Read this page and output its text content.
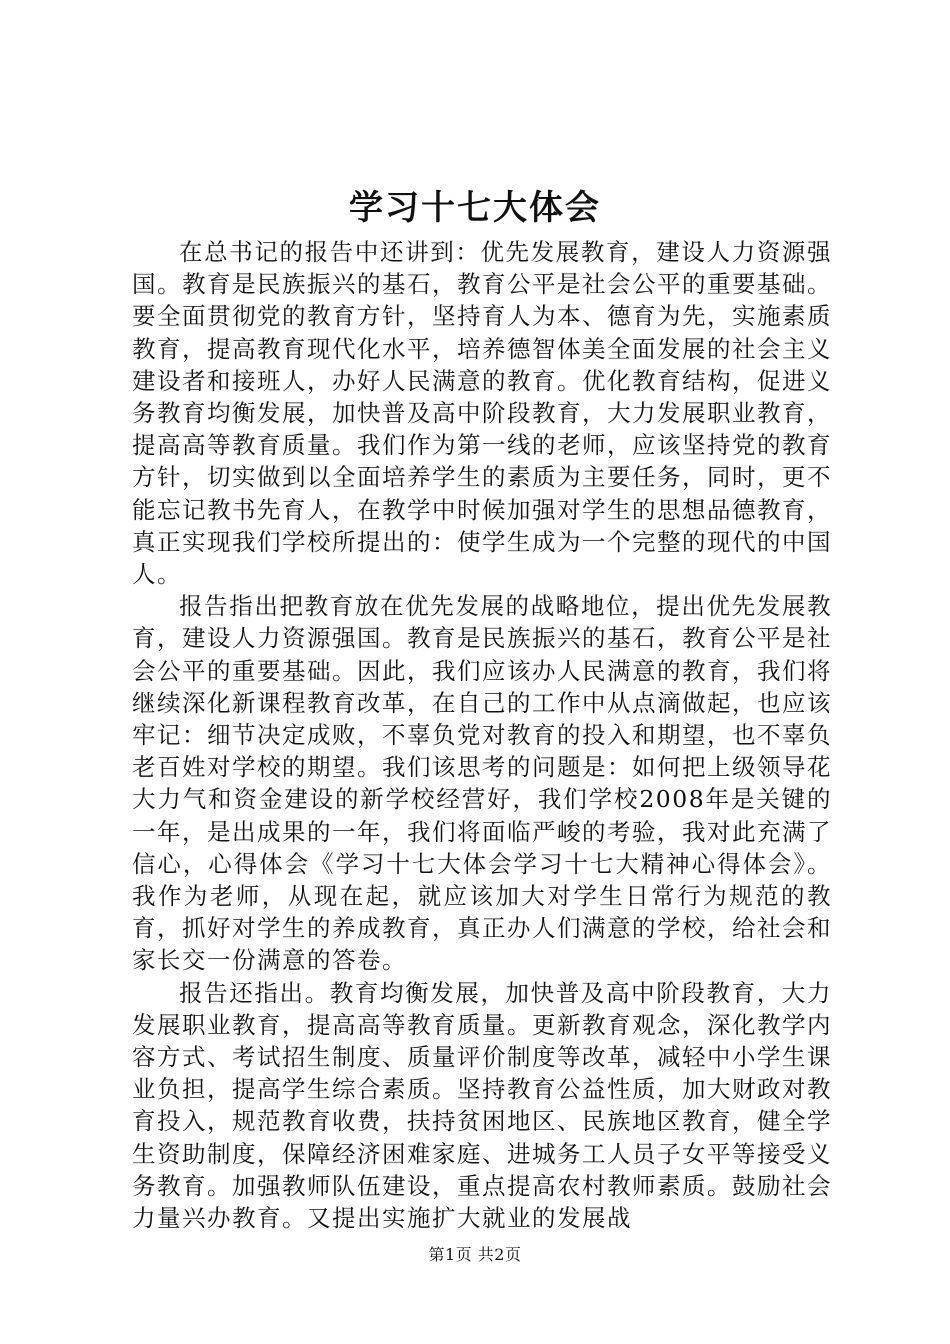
学习十七大体会

在总书记的报告中还讲到：优先发展教育，建设人力资源强国。教育是民族振兴的基石，教育公平是社会公平的重要基础。要全面贯彻党的教育方针，坚持育人为本、德育为先，实施素质教育，提高教育现代化水平，培养德智体美全面发展的社会主义建设者和接班人，办好人民满意的教育。优化教育结构，促进义务教育均衡发展，加快普及高中阶段教育，大力发展职业教育，提高高等教育质量。我们作为第一线的老师，应该坚持党的教育方针，切实做到以全面培养学生的素质为主要任务，同时，更不能忘记教书先育人，在教学中时候加强对学生的思想品德教育，真正实现我们学校所提出的：使学生成为一个完整的现代的中国人。

报告指出把教育放在优先发展的战略地位，提出优先发展教育，建设人力资源强国。教育是民族振兴的基石，教育公平是社会公平的重要基础。因此，我们应该办人民满意的教育，我们将继续深化新课程教育改革，在自己的工作中从点滴做起，也应该牢记：细节决定成败，不辜负党对教育的投入和期望，也不辜负老百姓对学校的期望。我们该思考的问题是：如何把上级领导花大力气和资金建设的新学校经营好，我们学校2008年是关键的一年，是出成果的一年，我们将面临严峻的考验，我对此充满了信心，心得体会《学习十七大体会学习十七大精神心得体会》。我作为老师，从现在起，就应该加大对学生日常行为规范的教育，抓好对学生的养成教育，真正办人们满意的学校，给社会和家长交一份满意的答卷。

报告还指出。教育均衡发展，加快普及高中阶段教育，大力发展职业教育，提高高等教育质量。更新教育观念，深化教学内容方式、考试招生制度、质量评价制度等改革，减轻中小学生课业负担，提高学生综合素质。坚持教育公益性质，加大财政对教育投入，规范教育收费，扶持贫困地区、民族地区教育，健全学生资助制度，保障经济困难家庭、进城务工人员子女平等接受义务教育。加强教师队伍建设，重点提高农村教师素质。鼓励社会力量兴办教育。又提出实施扩大就业的发展战

第1页 共2页
